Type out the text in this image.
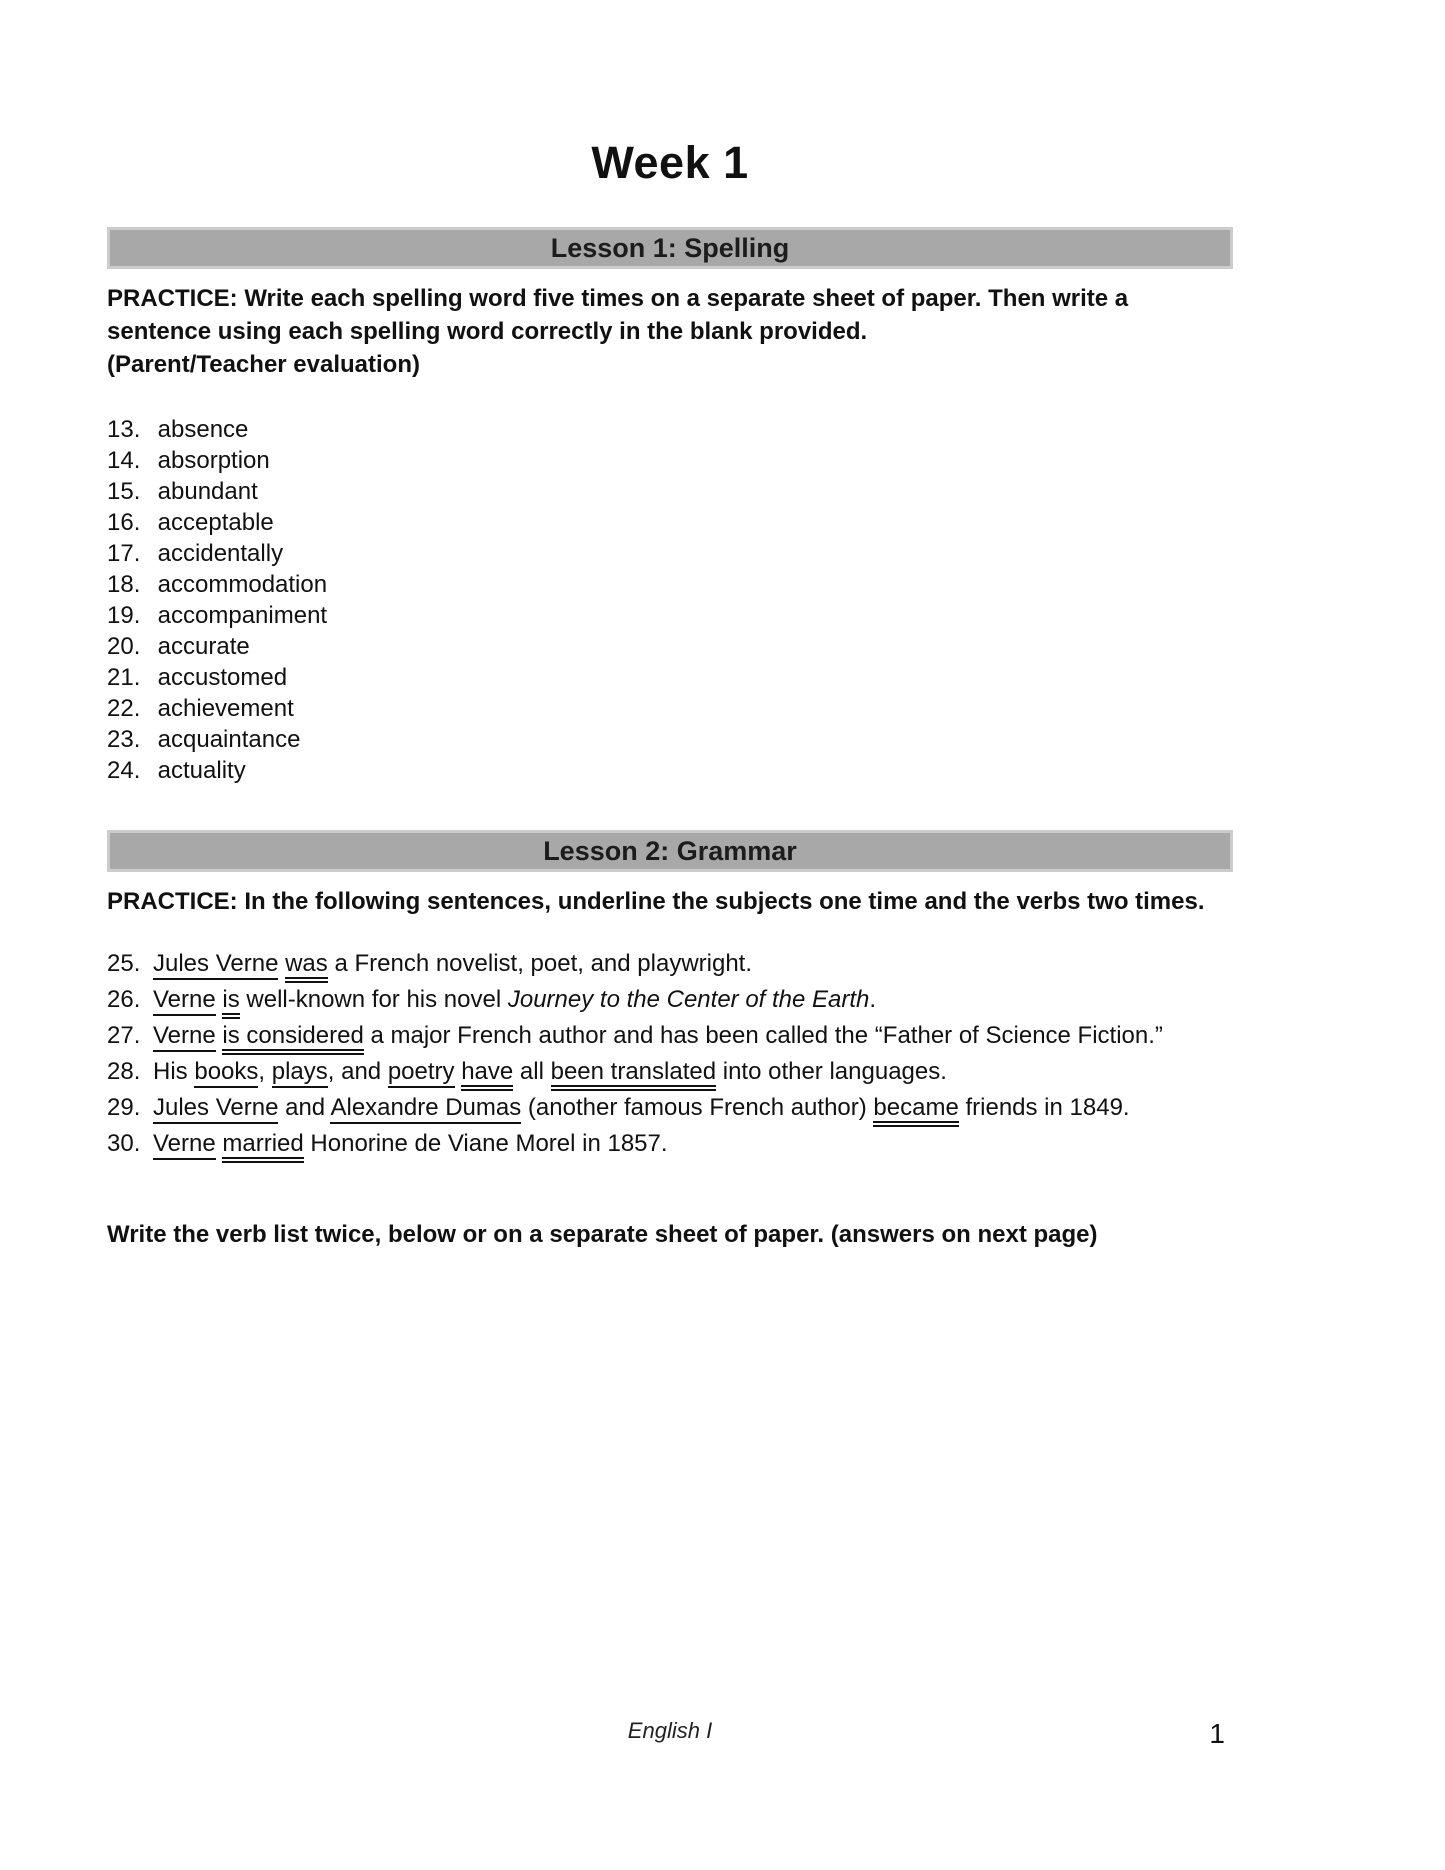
Week 1
Lesson 1: Spelling
PRACTICE: Write each spelling word five times on a separate sheet of paper. Then write a sentence using each spelling word correctly in the blank provided.
(Parent/Teacher evaluation)
13. absence
14. absorption
15. abundant
16. acceptable
17. accidentally
18. accommodation
19. accompaniment
20. accurate
21. accustomed
22. achievement
23. acquaintance
24. actuality
Lesson 2: Grammar
PRACTICE: In the following sentences, underline the subjects one time and the verbs two times.
25. Jules Verne was a French novelist, poet, and playwright.
26. Verne is well-known for his novel Journey to the Center of the Earth.
27. Verne is considered a major French author and has been called the “Father of Science Fiction.”
28. His books, plays, and poetry have all been translated into other languages.
29. Jules Verne and Alexandre Dumas (another famous French author) became friends in 1849.
30. Verne married Honorine de Viane Morel in 1857.
Write the verb list twice, below or on a separate sheet of paper. (answers on next page)
English I	1
